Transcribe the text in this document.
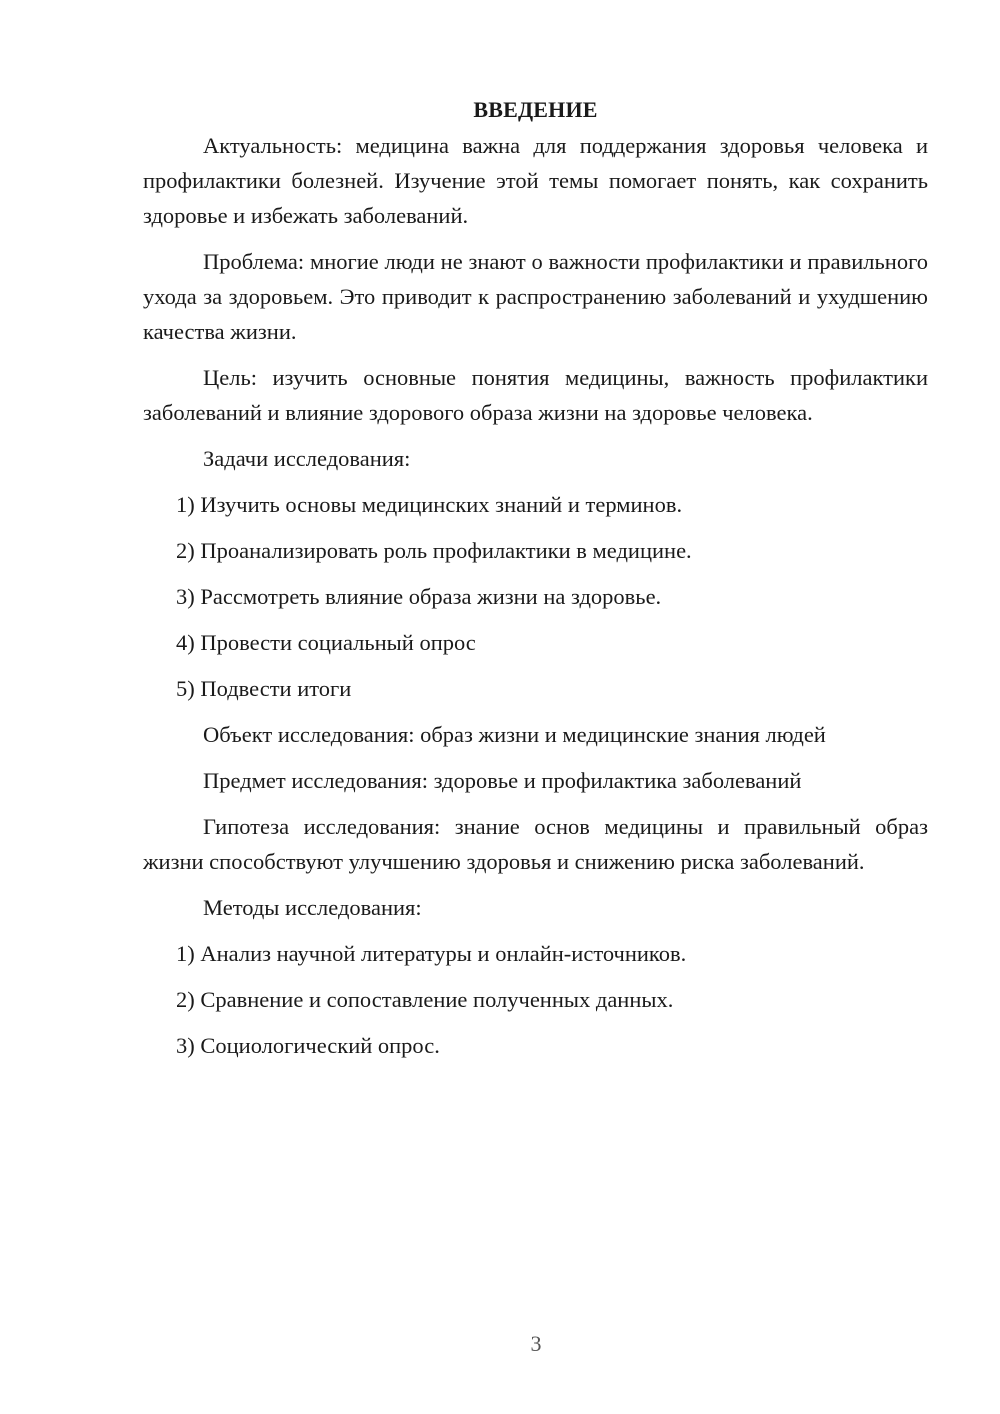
ВВЕДЕНИЕ

Актуальность: медицина важна для поддержания здоровья человека и профилактики болезней. Изучение этой темы помогает понять, как сохранить здоровье и избежать заболеваний.

Проблема: многие люди не знают о важности профилактики и правильного ухода за здоровьем. Это приводит к распространению заболеваний и ухудшению качества жизни.

Цель: изучить основные понятия медицины, важность профилактики заболеваний и влияние здорового образа жизни на здоровье человека.

Задачи исследования:

1) Изучить основы медицинских знаний и терминов.
2) Проанализировать роль профилактики в медицине.
3) Рассмотреть влияние образа жизни на здоровье.
4) Провести социальный опрос
5) Подвести итоги

Объект исследования: образ жизни и медицинские знания людей

Предмет исследования: здоровье и профилактика заболеваний

Гипотеза исследования: знание основ медицины и правильный образ жизни способствуют улучшению здоровья и снижению риска заболеваний.

Методы исследования:

1) Анализ научной литературы и онлайн-источников.
2) Сравнение и сопоставление полученных данных.
3) Социологический опрос.
3
